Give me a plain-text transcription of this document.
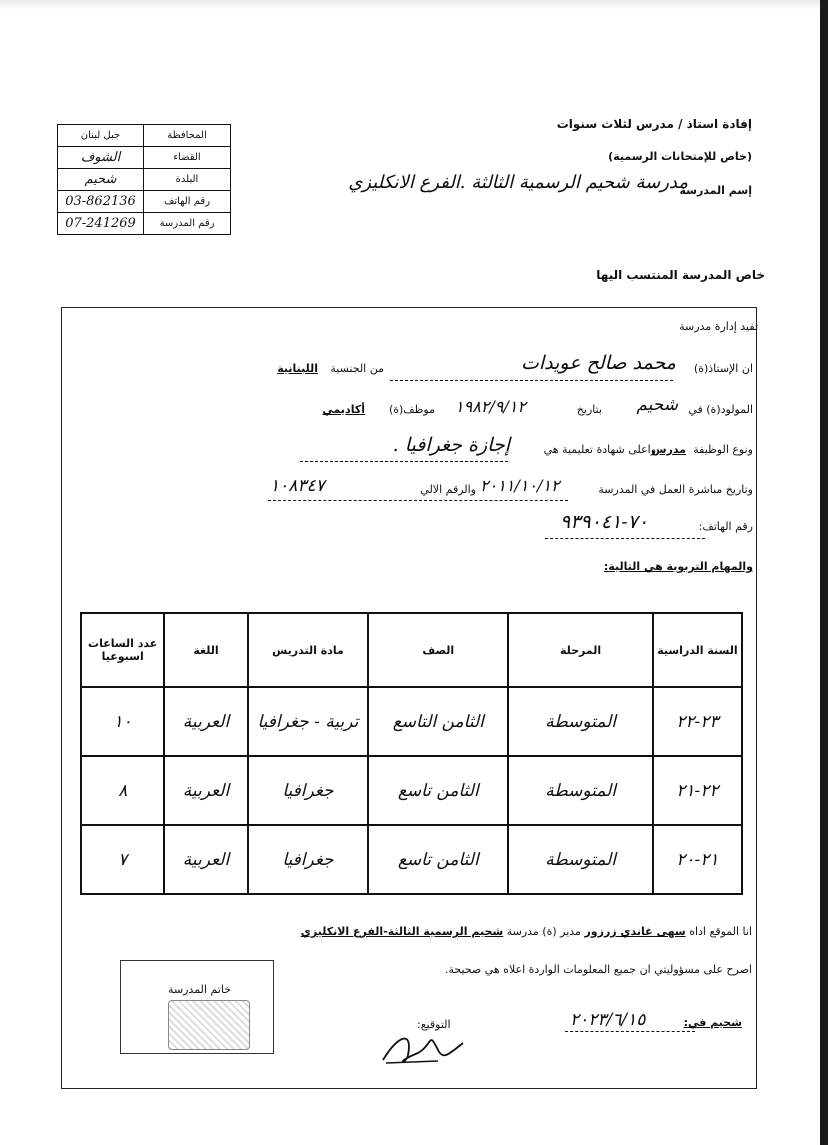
إفادة استاذ / مدرس لثلاث سنوات
(خاص للإمتحانات الرسمية)
إسم المدرسة
مدرسة شحيم الرسمية الثالثة .الفرع الانكليزي
المحافظة	جبل لبنان
القضاء	الشوف
البلدة	شحيم
رقم الهاتف	03-862136
رقم المدرسة	07-241269
خاص المدرسة المنتسب اليها
تفيد إدارة مدرسة
ان الإستاذ(ة)
محمد صالح عويدات
من الجنسية
اللبنانية
المولود(ة) في
شحيم
بتاريخ
١٩٨٢/٩/١٢
موظف(ة)
أكاديمي
ونوع الوظيفة
مدرس
واعلى شهادة تعليمية هي
إجازة جغرافيا .
وتاريخ مباشرة العمل في المدرسة
٢٠١١/١٠/١٢
والرقم الالي
١٠٨٣٤٧
رقم الهاتف:
٧٠-٩٣٩٠٤١
والمهام التربوية هي التالية:
السنة الدراسية	المرحلة	الصف	مادة التدريس	اللغة	عدد الساعات اسبوعيا
٢٣-٢٢	المتوسطة	الثامن التاسع	تربية - جغرافيا	العربية	١٠
٢٢-٢١	المتوسطة	الثامن تاسع	جغرافيا	العربية	٨
٢١-٢٠	المتوسطة	الثامن تاسع	جغرافيا	العربية	٧
انا الموقع اداه سهى غاندي زرزور مدير (ة) مدرسة شحيم الرسمية الثالثة-الفرع الانكليزي
اصرح على مسؤوليتي ان جميع المعلومات الواردة اعلاه هي صحيحة.
خاتم المدرسة
التوقيع:	شحيم في:
٢٠٢٣/٦/١٥
